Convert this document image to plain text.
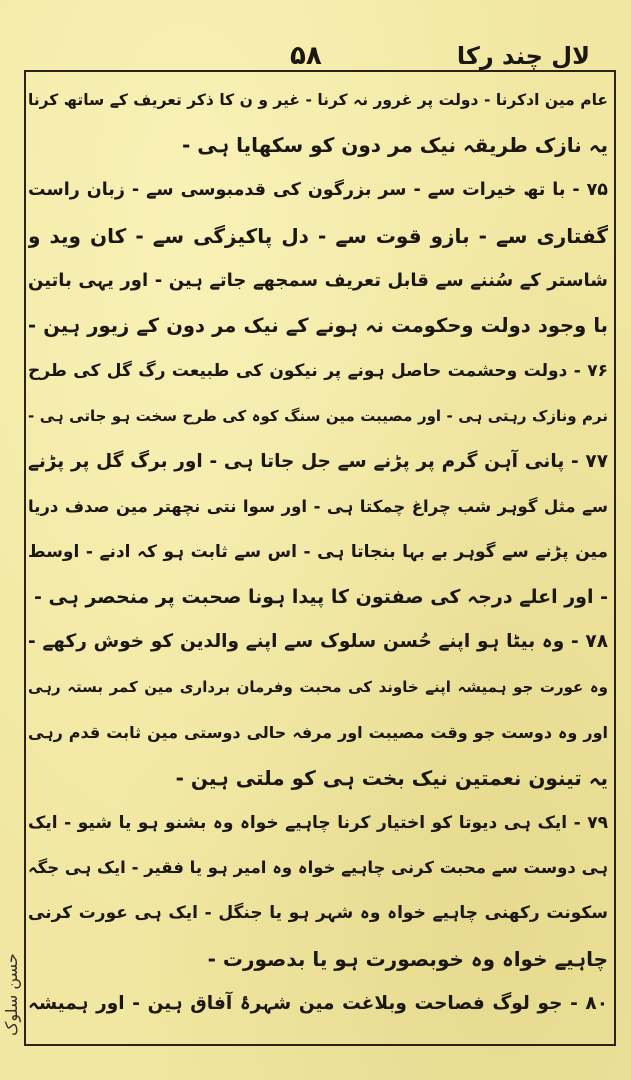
لال چند رکا
۵۸
عام مین ادکرنا - دولت پر غرور نہ کرنا - غیر و ن کا ذکر تعریف کے ساتھ کرنا
یہ نازک طریقہ نیک مر دون کو سکھایا ہی -
۷۵ - با تھ خیرات سے - سر بزرگون کی قدمبوسی سے - زبان راست
گفتاری سے - بازو قوت سے - دل پاکیزگی سے - کان وید و
شاستر کے سُننے سے قابل تعریف سمجھے جاتے ہین - اور یہی باتین
با وجود دولت وحکومت نہ ہونے کے نیک مر دون کے زیور ہین -
۷۶ - دولت وحشمت حاصل ہونے پر نیکون کی طبیعت رگ گل کی طرح
نرم ونازک رہتی ہی - اور مصیبت مین سنگ کوہ کی طرح سخت ہو جاتی ہی -
۷۷ - پانی آہن گرم پر پڑنے سے جل جاتا ہی - اور برگ گل پر پڑنے
سے مثل گوہر شب چراغ چمکتا ہی - اور سوا نتی نچھتر مین صدف دریا
مین پڑنے سے گوہر بے بہا بنجاتا ہی - اس سے ثابت ہو کہ ادنے - اوسط
- اور اعلے درجہ کی صفتون کا پیدا ہونا صحبت پر منحصر ہی -
۷۸ - وہ بیٹا ہو اپنے حُسن سلوک سے اپنے والدین کو خوش رکھے -
وہ عورت جو ہمیشہ اپنے خاوند کی محبت وفرمان برداری مین کمر بستہ رہی
اور وہ دوست جو وقت مصیبت اور مرفہ حالی دوستی مین ثابت قدم رہی
یہ تینون نعمتین نیک بخت ہی کو ملتی ہین -
۷۹ - ایک ہی دیوتا کو اختیار کرنا چاہیے خواہ وہ بشنو ہو یا شیو - ایک
ہی دوست سے محبت کرنی چاہیے خواہ وہ امیر ہو یا فقیر - ایک ہی جگہ
سکونت رکھنی چاہیے خواہ وہ شہر ہو یا جنگل - ایک ہی عورت کرنی
چاہیے خواہ وہ خوبصورت ہو یا بدصورت -
۸۰ - جو لوگ فصاحت وبلاغت مین شہرۂ آفاق ہین - اور ہمیشہ
حسن سلوک
